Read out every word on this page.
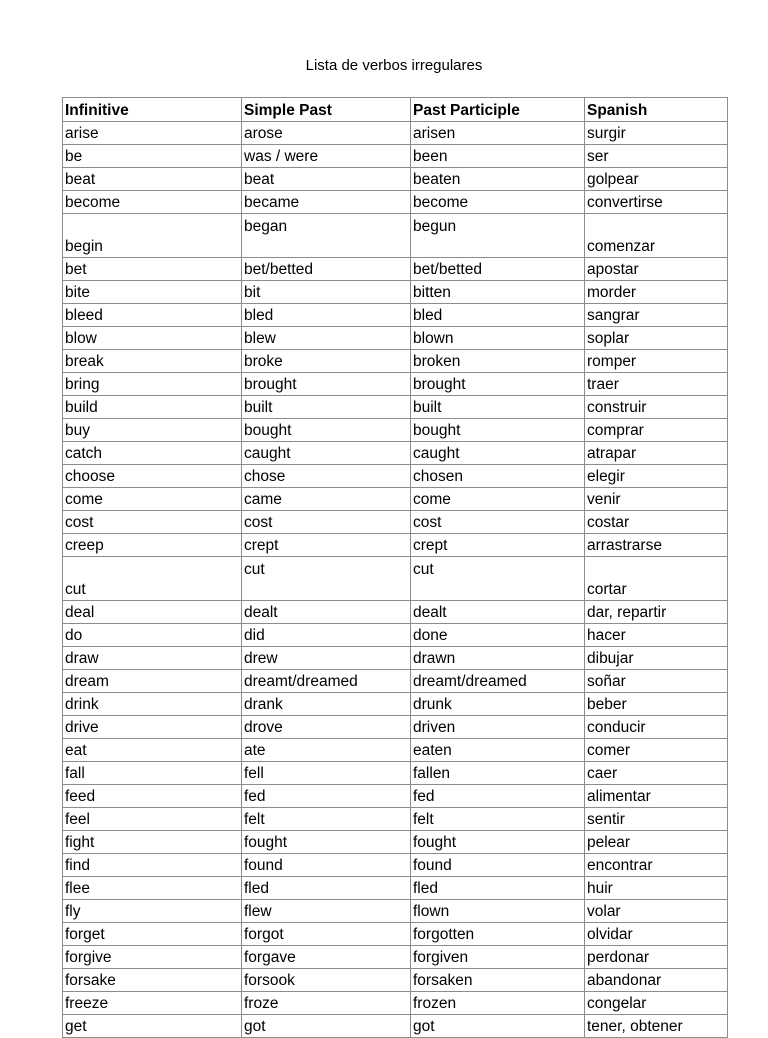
Lista de verbos irregulares
Infinitive	Simple Past	Past Participle	Spanish
arise	arose	arisen	surgir
be	was / were	been	ser
beat	beat	beaten	golpear
become	became	become	convertirse
begin	began	begun	comenzar
bet	bet/betted	bet/betted	apostar
bite	bit	bitten	morder
bleed	bled	bled	sangrar
blow	blew	blown	soplar
break	broke	broken	romper
bring	brought	brought	traer
build	built	built	construir
buy	bought	bought	comprar
catch	caught	caught	atrapar
choose	chose	chosen	elegir
come	came	come	venir
cost	cost	cost	costar
creep	crept	crept	arrastrarse
cut	cut	cut	cortar
deal	dealt	dealt	dar, repartir
do	did	done	hacer
draw	drew	drawn	dibujar
dream	dreamt/dreamed	dreamt/dreamed	soñar
drink	drank	drunk	beber
drive	drove	driven	conducir
eat	ate	eaten	comer
fall	fell	fallen	caer
feed	fed	fed	alimentar
feel	felt	felt	sentir
fight	fought	fought	pelear
find	found	found	encontrar
flee	fled	fled	huir
fly	flew	flown	volar
forget	forgot	forgotten	olvidar
forgive	forgave	forgiven	perdonar
forsake	forsook	forsaken	abandonar
freeze	froze	frozen	congelar
get	got	got	tener, obtener
